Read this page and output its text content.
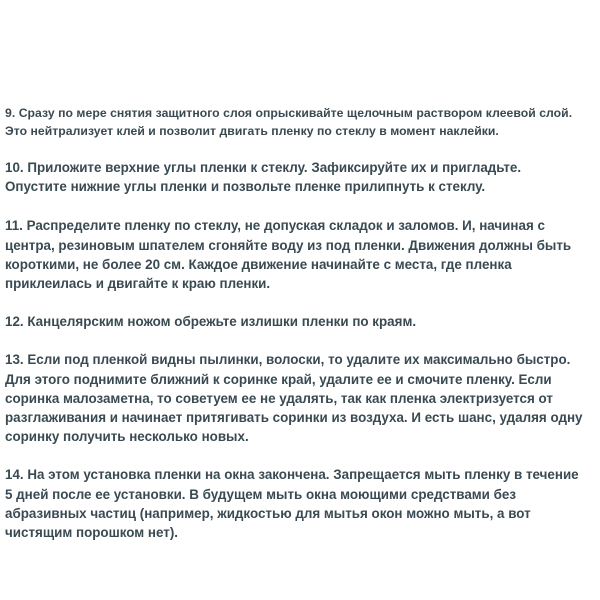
9. Сразу по мере снятия защитного слоя опрыскивайте щелочным раствором клеевой слой.
Это нейтрализует клей и позволит двигать пленку по стеклу в момент наклейки.

10. Приложите верхние углы пленки к стеклу. Зафиксируйте их и пригладьте.
Опустите нижние углы пленки и позвольте пленке прилипнуть к стеклу.

11. Распределите пленку по стеклу, не допуская складок и заломов. И, начиная с
центра, резиновым шпателем сгоняйте воду из под пленки. Движения должны быть
короткими, не более 20 см. Каждое движение начинайте с места, где пленка
приклеилась и двигайте к краю пленки.

12. Канцелярским ножом обрежьте излишки пленки по краям.

13. Если под пленкой видны пылинки, волоски, то удалите их максимально быстро.
Для этого поднимите ближний к соринке край, удалите ее и смочите пленку. Если
соринка малозаметна, то советуем ее не удалять, так как пленка электризуется от
разглаживания и начинает притягивать соринки из воздуха. И есть шанс, удаляя одну
соринку получить несколько новых.

14. На этом установка пленки на окна закончена. Запрещается мыть пленку в течение
5 дней после ее установки. В будущем мыть окна моющими средствами без
абразивных частиц (например, жидкостью для мытья окон можно мыть, а вот
чистящим порошком нет).
